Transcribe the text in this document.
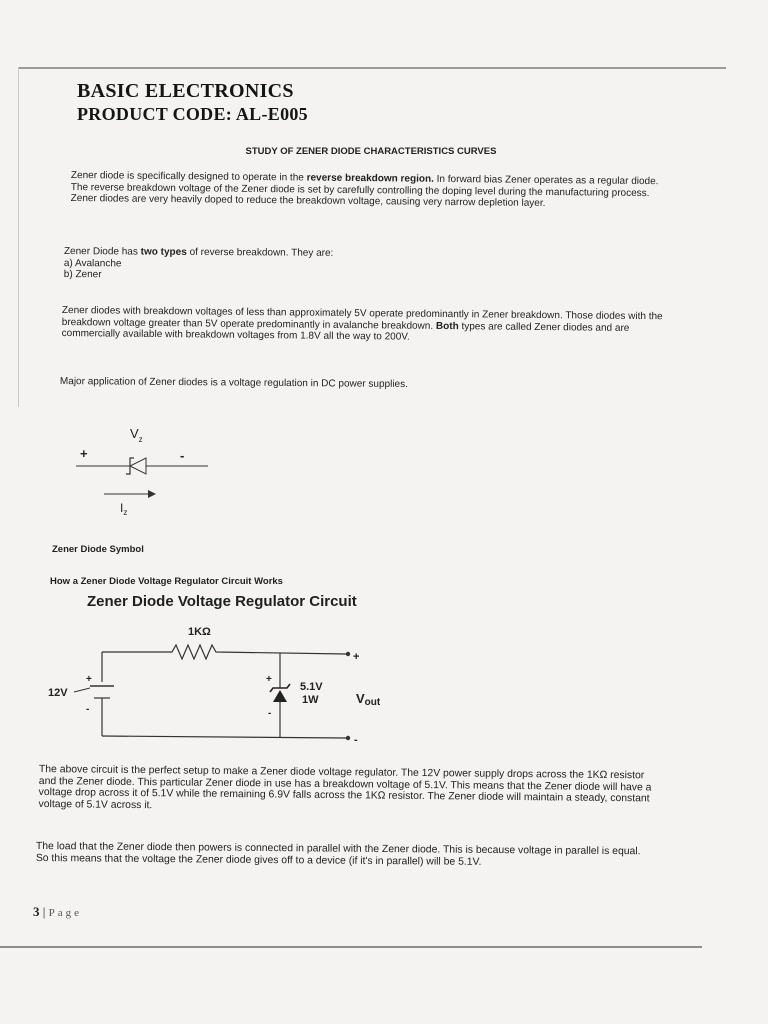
BASIC ELECTRONICS
PRODUCT CODE: AL-E005
STUDY OF ZENER DIODE CHARACTERISTICS CURVES
Zener diode is specifically designed to operate in the reverse breakdown region. In forward bias Zener operates as a regular diode. The reverse breakdown voltage of the Zener diode is set by carefully controlling the doping level during the manufacturing process. Zener diodes are very heavily doped to reduce the breakdown voltage, causing very narrow depletion layer.
Zener Diode has two types of reverse breakdown. They are:
a) Avalanche
b) Zener
Zener diodes with breakdown voltages of less than approximately 5V operate predominantly in Zener breakdown. Those diodes with the breakdown voltage greater than 5V operate predominantly in avalanche breakdown. Both types are called Zener diodes and are commercially available with breakdown voltages from 1.8V all the way to 200V.
Major application of Zener diodes is a voltage regulation in DC power supplies.
$V_z$
+	-
$I_z$
Zener Diode Symbol
How a Zener Diode Voltage Regulator Circuit Works
Zener Diode Voltage Regulator Circuit
1KΩ
+
+
-
12V
-
+
-
5.1V
1W	Vout
The above circuit is the perfect setup to make a Zener diode voltage regulator. The 12V power supply drops across the 1KΩ resistor and the Zener diode. This particular Zener diode in use has a breakdown voltage of 5.1V. This means that the Zener diode will have a voltage drop across it of 5.1V while the remaining 6.9V falls across the 1KΩ resistor. The Zener diode will maintain a steady, constant voltage of 5.1V across it.
The load that the Zener diode then powers is connected in parallel with the Zener diode. This is because voltage in parallel is equal. So this means that the voltage the Zener diode gives off to a device (if it's in parallel) will be 5.1V.
3 | Page
